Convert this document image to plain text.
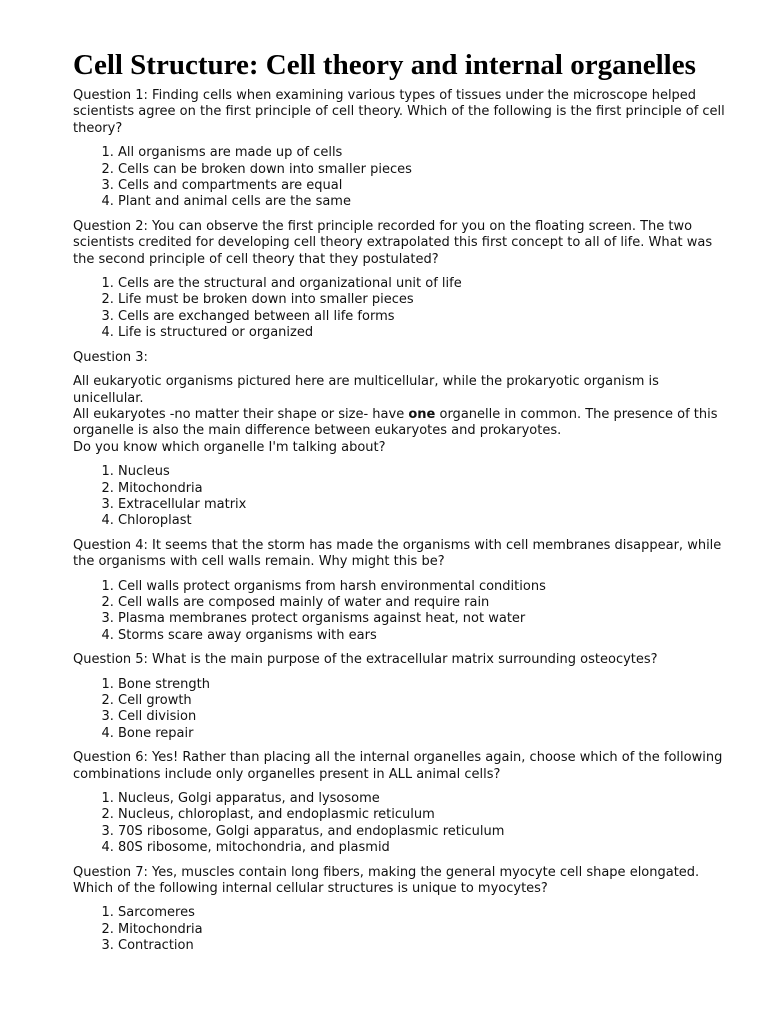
Cell Structure: Cell theory and internal organelles

Question 1: Finding cells when examining various types of tissues under the microscope helped scientists agree on the first principle of cell theory. Which of the following is the first principle of cell theory?

1. All organisms are made up of cells
2. Cells can be broken down into smaller pieces
3. Cells and compartments are equal
4. Plant and animal cells are the same

Question 2: You can observe the first principle recorded for you on the floating screen. The two scientists credited for developing cell theory extrapolated this first concept to all of life. What was the second principle of cell theory that they postulated?

1. Cells are the structural and organizational unit of life
2. Life must be broken down into smaller pieces
3. Cells are exchanged between all life forms
4. Life is structured or organized

Question 3:

All eukaryotic organisms pictured here are multicellular, while the prokaryotic organism is unicellular.
All eukaryotes -no matter their shape or size- have one organelle in common. The presence of this organelle is also the main difference between eukaryotes and prokaryotes.
Do you know which organelle I'm talking about?

1. Nucleus
2. Mitochondria
3. Extracellular matrix
4. Chloroplast

Question 4: It seems that the storm has made the organisms with cell membranes disappear, while the organisms with cell walls remain. Why might this be?

1. Cell walls protect organisms from harsh environmental conditions
2. Cell walls are composed mainly of water and require rain
3. Plasma membranes protect organisms against heat, not water
4. Storms scare away organisms with ears

Question 5: What is the main purpose of the extracellular matrix surrounding osteocytes?

1. Bone strength
2. Cell growth
3. Cell division
4. Bone repair

Question 6: Yes! Rather than placing all the internal organelles again, choose which of the following combinations include only organelles present in ALL animal cells?

1. Nucleus, Golgi apparatus, and lysosome
2. Nucleus, chloroplast, and endoplasmic reticulum
3. 70S ribosome, Golgi apparatus, and endoplasmic reticulum
4. 80S ribosome, mitochondria, and plasmid

Question 7: Yes, muscles contain long fibers, making the general myocyte cell shape elongated. Which of the following internal cellular structures is unique to myocytes?

1. Sarcomeres
2. Mitochondria
3. Contraction
